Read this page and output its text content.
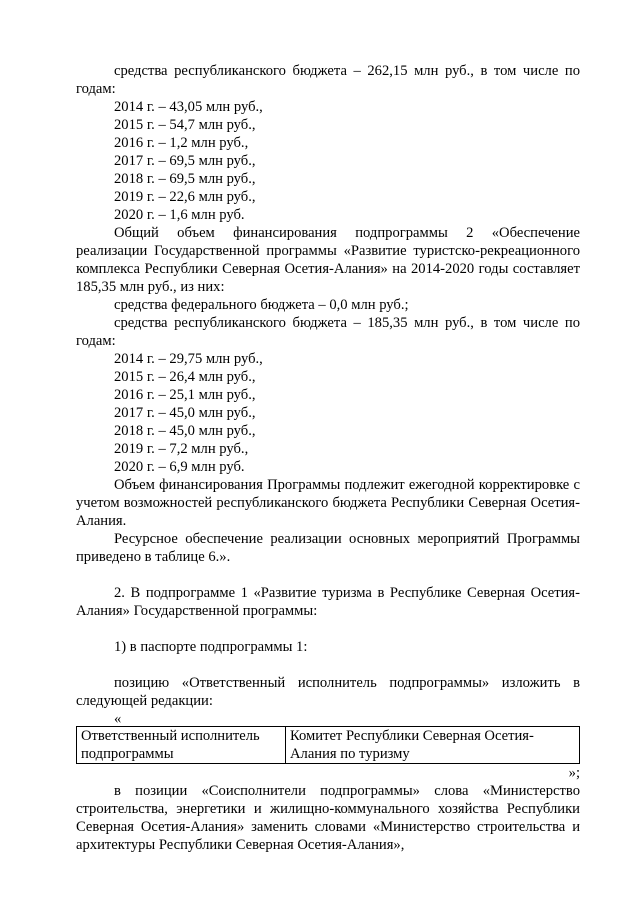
средства республиканского бюджета – 262,15 млн руб., в том числе по годам:

2014 г. – 43,05 млн руб.,

2015 г. – 54,7 млн руб.,

2016 г. – 1,2 млн руб.,

2017 г. – 69,5 млн руб.,

2018 г. – 69,5 млн руб.,

2019 г. – 22,6 млн руб.,

2020 г. – 1,6 млн руб.

Общий объем финансирования подпрограммы 2 «Обеспечение реализации Государственной программы «Развитие туристско-рекреационного комплекса Республики Северная Осетия-Алания» на 2014-2020 годы составляет 185,35 млн руб., из них:

средства федерального бюджета – 0,0 млн руб.;

средства республиканского бюджета – 185,35 млн руб., в том числе по годам:

2014 г. – 29,75 млн руб.,

2015 г. – 26,4 млн руб.,

2016 г. – 25,1 млн руб.,

2017 г. – 45,0 млн руб.,

2018 г. – 45,0 млн руб.,

2019 г. – 7,2 млн руб.,

2020 г. – 6,9 млн руб.

Объем финансирования Программы подлежит ежегодной корректировке с учетом возможностей республиканского бюджета Республики Северная Осетия-Алания.

Ресурсное обеспечение реализации основных мероприятий Программы приведено в таблице 6.».

2. В подпрограмме 1 «Развитие туризма в Республике Северная Осетия-Алания» Государственной программы:

1) в паспорте подпрограммы 1:

позицию «Ответственный исполнитель подпрограммы» изложить в следующей редакции:

«

Ответственный исполнитель подпрограммы	Комитет Республики Северная Осетия-Алания по туризму

»;

в позиции «Соисполнители подпрограммы» слова «Министерство строительства, энергетики и жилищно-коммунального хозяйства Республики Северная Осетия-Алания» заменить словами «Министерство строительства и архитектуры Республики Северная Осетия-Алания»,
